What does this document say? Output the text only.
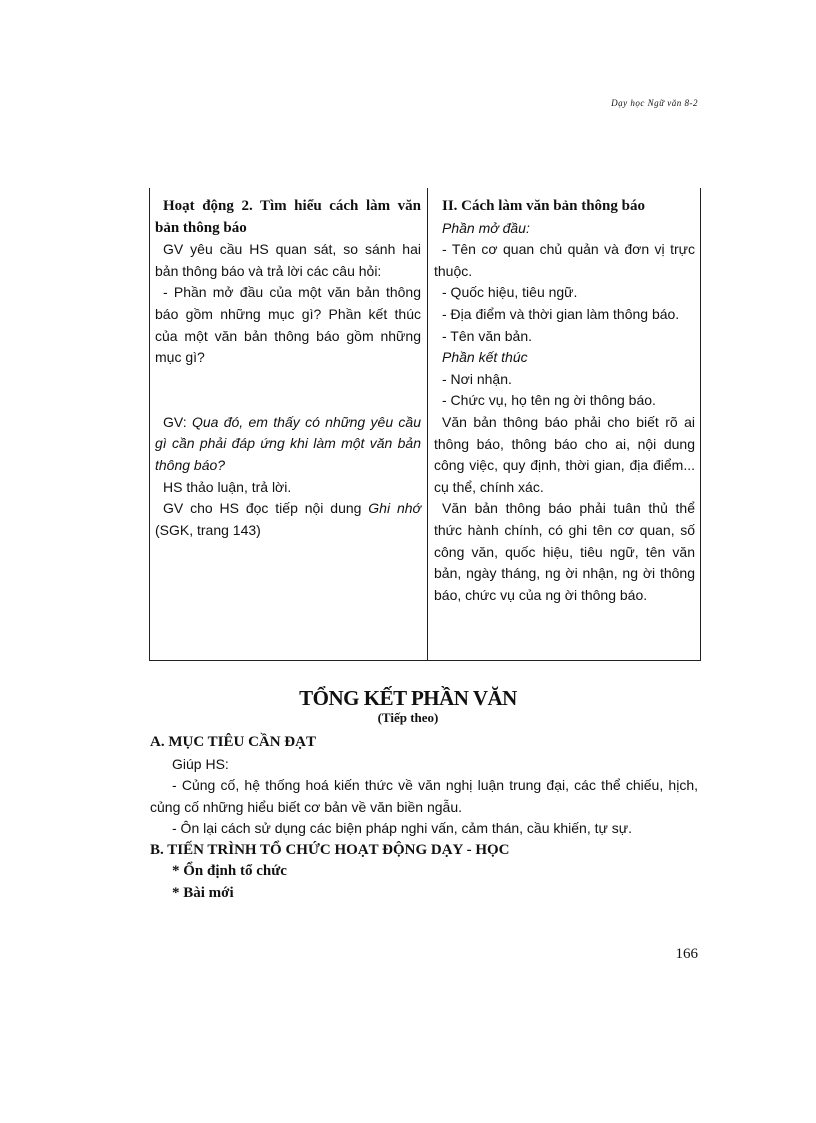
Dạy học Ngữ văn 8-2

Hoạt động 2. Tìm hiểu cách làm văn bản thông báo

GV yêu cầu HS quan sát, so sánh hai bản thông báo và trả lời các câu hỏi:

- Phần mở đầu của một văn bản thông báo gồm những mục gì? Phần kết thúc của một văn bản thông báo gồm những mục gì?

GV: Qua đó, em thấy có những yêu cầu gì cần phải đáp ứng khi làm một văn bản thông báo?

HS thảo luận, trả lời.

GV cho HS đọc tiếp nội dung Ghi nhớ (SGK, trang 143)

II. Cách làm văn bản thông báo

Phần mở đầu:

- Tên cơ quan chủ quản và đơn vị trực thuộc.

- Quốc hiệu, tiêu ngữ.

- Địa điểm và thời gian làm thông báo.

- Tên văn bản.

Phần kết thúc

- Nơi nhận.

- Chức vụ, họ tên ng ời thông báo.

Văn bản thông báo phải cho biết rõ ai thông báo, thông báo cho ai, nội dung công việc, quy định, thời gian, địa điểm... cụ thể, chính xác.

Văn bản thông báo phải tuân thủ thể thức hành chính, có ghi tên cơ quan, số công văn, quốc hiệu, tiêu ngữ, tên văn bản, ngày tháng, ng ời nhận, ng ời thông báo, chức vụ của ng ời thông báo.

TỔNG KẾT PHẦN VĂN
(Tiếp theo)

A. MỤC TIÊU CẦN ĐẠT

Giúp HS:

- Củng cố, hệ thống hoá kiến thức về văn nghị luận trung đại, các thể chiếu, hịch, củng cố những hiểu biết cơ bản về văn biền ngẫu.

- Ôn lại cách sử dụng các biện pháp nghi vấn, cảm thán, cầu khiến, tự sự.

B. TIẾN TRÌNH TỔ CHỨC HOẠT ĐỘNG DẠY - HỌC

* Ổn định tổ chức

* Bài mới

166
